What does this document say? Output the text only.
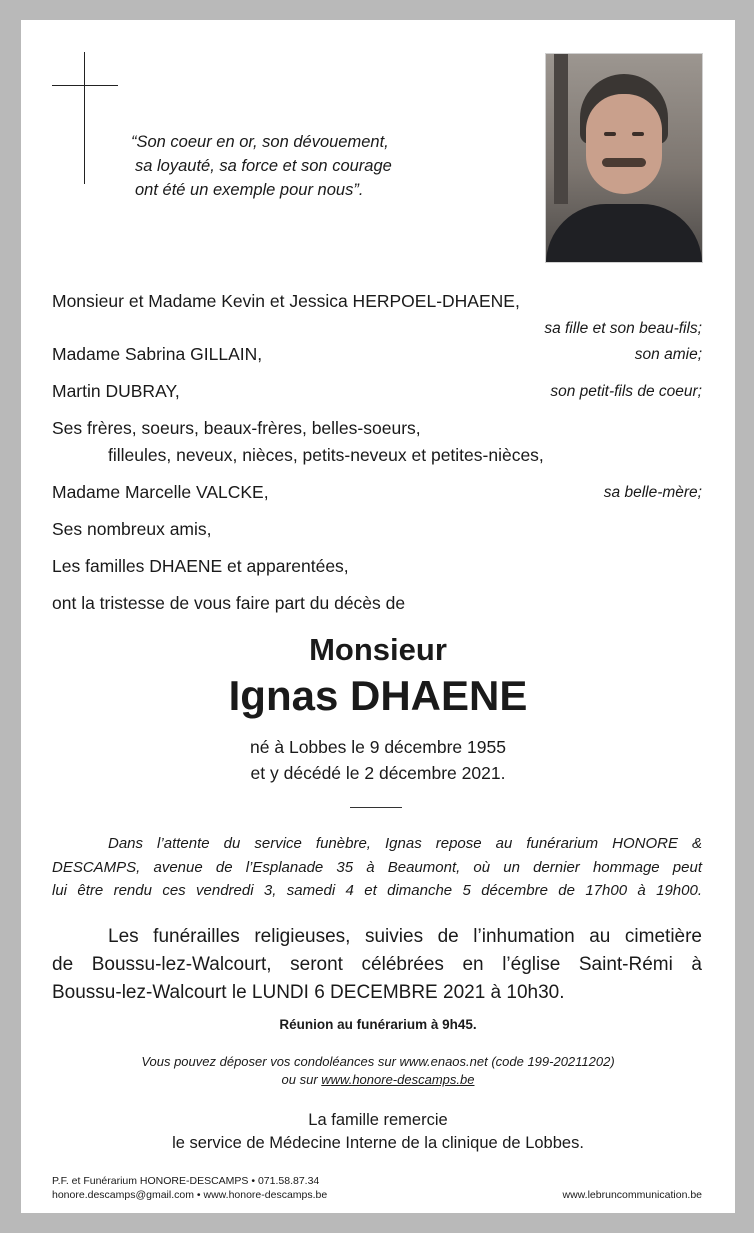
“Son coeur en or, son dévouement,
sa loyauté, sa force et son courage
ont été un exemple pour nous”.
Monsieur et Madame Kevin et Jessica HERPOEL-DHAENE,
sa fille et son beau-fils;
Madame Sabrina GILLAIN,	son amie;
Martin DUBRAY,	son petit-fils de coeur;
Ses frères, soeurs, beaux-frères, belles-soeurs,
filleules, neveux, nièces, petits-neveux et petites-nièces,
Madame Marcelle VALCKE,	sa belle-mère;
Ses nombreux amis,
Les familles DHAENE et apparentées,
ont la tristesse de vous faire part du décès de
Monsieur
Ignas DHAENE
né à Lobbes le 9 décembre 1955
et y décédé le 2 décembre 2021.
Dans l’attente du service funèbre, Ignas repose au funérarium HONORE &
DESCAMPS, avenue de l’Esplanade 35 à Beaumont, où un dernier hommage peut
lui être rendu ces vendredi 3, samedi 4 et dimanche 5 décembre de 17h00 à 19h00.
Les funérailles religieuses, suivies de l’inhumation au cimetière
de Boussu-lez-Walcourt, seront célébrées en l’église Saint-Rémi à
Boussu-lez-Walcourt le LUNDI 6 DECEMBRE 2021 à 10h30.
Réunion au funérarium à 9h45.
Vous pouvez déposer vos condoléances sur www.enaos.net (code 199-20211202)
ou sur www.honore-descamps.be
La famille remercie
le service de Médecine Interne de la clinique de Lobbes.
P.F. et Funérarium HONORE-DESCAMPS • 071.58.87.34
honore.descamps@gmail.com • www.honore-descamps.be	www.lebruncommunication.be
